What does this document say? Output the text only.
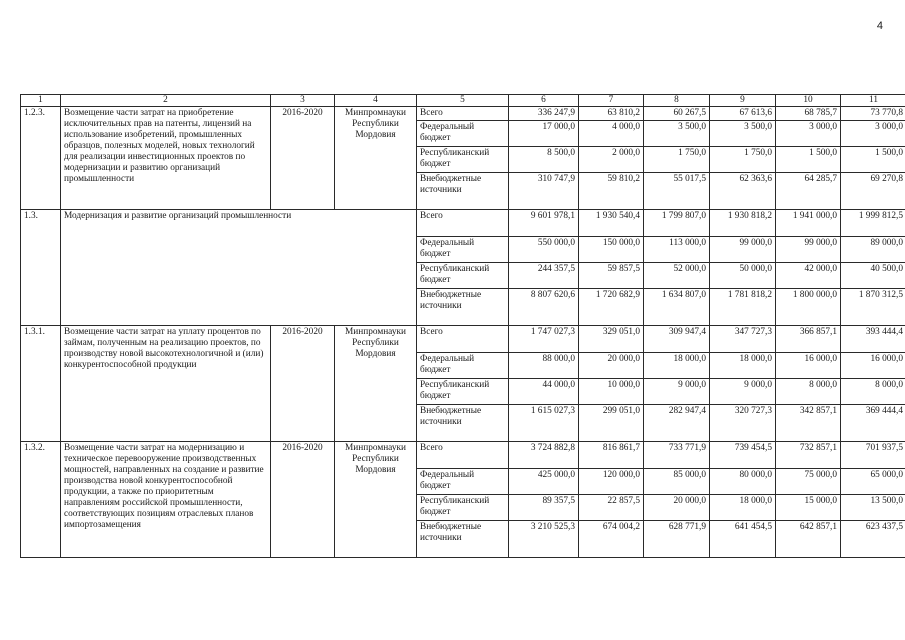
4
1	2	3	4	5	6	7	8	9	10	11
1.2.3.	Возмещение части затрат на приобретение исключительных прав на патенты, лицензий на использование изобретений, промышленных образцов, полезных моделей, новых технологий для реализации инвестиционных проектов по модернизации и развитию организаций промышленности	2016-2020	Минпромнауки Республики Мордовия	Всего	336 247,9	63 810,2	60 267,5	67 613,6	68 785,7	73 770,8
				Федеральный бюджет	17 000,0	4 000,0	3 500,0	3 500,0	3 000,0	3 000,0
				Республиканский бюджет	8 500,0	2 000,0	1 750,0	1 750,0	1 500,0	1 500,0
				Внебюджетные источники	310 747,9	59 810,2	55 017,5	62 363,6	64 285,7	69 270,8
1.3.	Модернизация и развитие организаций промышленности			Всего	9 601 978,1	1 930 540,4	1 799 807,0	1 930 818,2	1 941 000,0	1 999 812,5
				Федеральный бюджет	550 000,0	150 000,0	113 000,0	99 000,0	99 000,0	89 000,0
				Республиканский бюджет	244 357,5	59 857,5	52 000,0	50 000,0	42 000,0	40 500,0
				Внебюджетные источники	8 807 620,6	1 720 682,9	1 634 807,0	1 781 818,2	1 800 000,0	1 870 312,5
1.3.1.	Возмещение части затрат на уплату процентов по займам, полученным на реализацию проектов, по производству новой высокотехнологичной и (или) конкурентоспособной продукции	2016-2020	Минпромнауки Республики Мордовия	Всего	1 747 027,3	329 051,0	309 947,4	347 727,3	366 857,1	393 444,4
				Федеральный бюджет	88 000,0	20 000,0	18 000,0	18 000,0	16 000,0	16 000,0
				Республиканский бюджет	44 000,0	10 000,0	9 000,0	9 000,0	8 000,0	8 000,0
				Внебюджетные источники	1 615 027,3	299 051,0	282 947,4	320 727,3	342 857,1	369 444,4
1.3.2.	Возмещение части затрат на модернизацию и техническое перевооружение производственных мощностей, направленных на создание и развитие производства новой конкурентоспособной продукции, а также по приоритетным направлениям российской промышленности, соответствующих позициям отраслевых планов импортозамещения	2016-2020	Минпромнауки Республики Мордовия	Всего	3 724 882,8	816 861,7	733 771,9	739 454,5	732 857,1	701 937,5
				Федеральный бюджет	425 000,0	120 000,0	85 000,0	80 000,0	75 000,0	65 000,0
				Республиканский бюджет	89 357,5	22 857,5	20 000,0	18 000,0	15 000,0	13 500,0
				Внебюджетные источники	3 210 525,3	674 004,2	628 771,9	641 454,5	642 857,1	623 437,5
